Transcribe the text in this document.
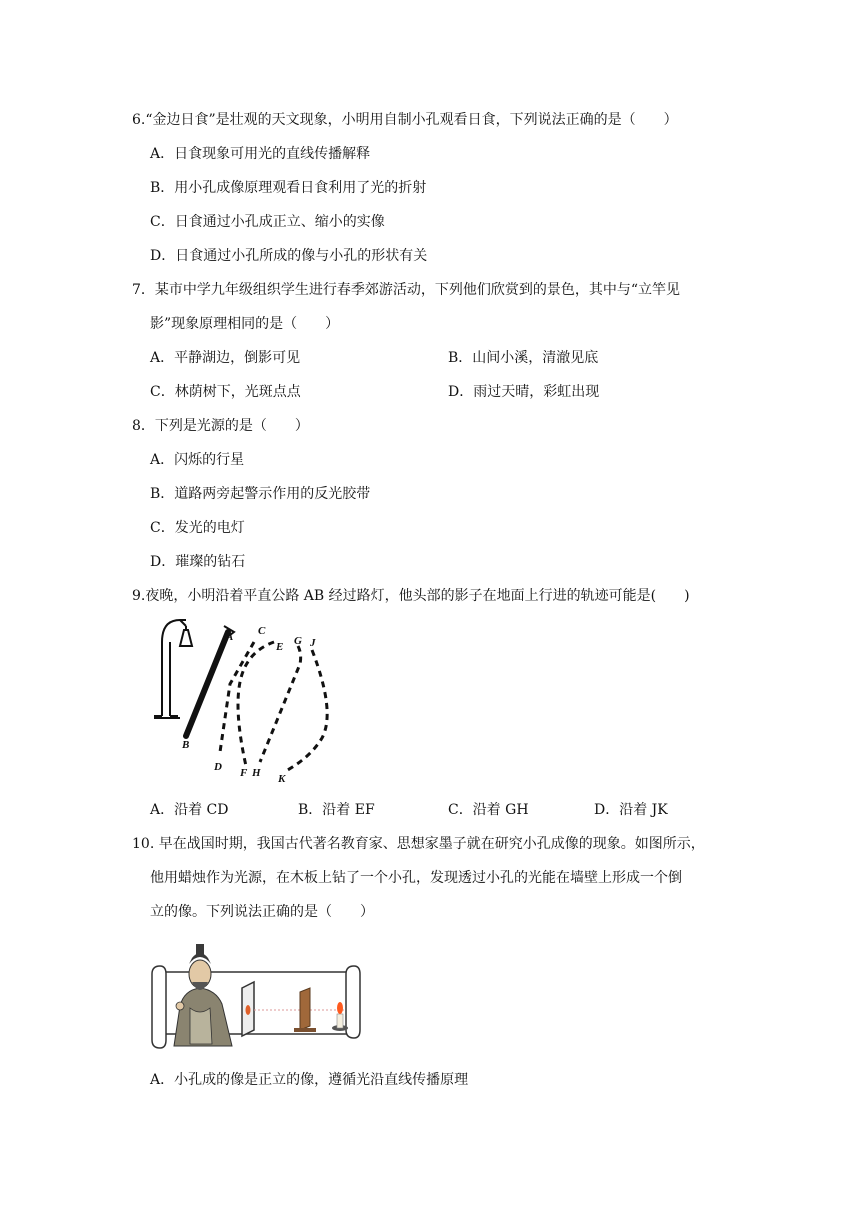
6.“金边日食”是壮观的天文现象，小明用自制小孔观看日食，下列说法正确的是（　　）
A．日食现象可用光的直线传播解释
B．用小孔成像原理观看日食利用了光的折射
C．日食通过小孔成正立、缩小的实像
D．日食通过小孔所成的像与小孔的形状有关
7．某市中学九年级组织学生进行春季郊游活动，下列他们欣赏到的景色，其中与“立竿见
影”现象原理相同的是（　　）
A．平静湖边，倒影可见	B．山间小溪，清澈见底
C．林荫树下，光斑点点	D．雨过天晴，彩虹出现
8．下列是光源的是（　　）
A．闪烁的行星
B．道路两旁起警示作用的反光胶带
C．发光的电灯
D．璀璨的钻石
9.夜晚，小明沿着平直公路 AB 经过路灯，他头部的影子在地面上行进的轨迹可能是(　　)
A
B
C
D
E
F
G
H
J
K
A．沿着 CD	B．沿着 EF	C．沿着 GH	D．沿着 JK
10. 早在战国时期，我国古代著名教育家、思想家墨子就在研究小孔成像的现象。如图所示，
他用蜡烛作为光源，在木板上钻了一个小孔，发现透过小孔的光能在墙壁上形成一个倒
立的像。下列说法正确的是（　　）
A．小孔成的像是正立的像，遵循光沿直线传播原理
